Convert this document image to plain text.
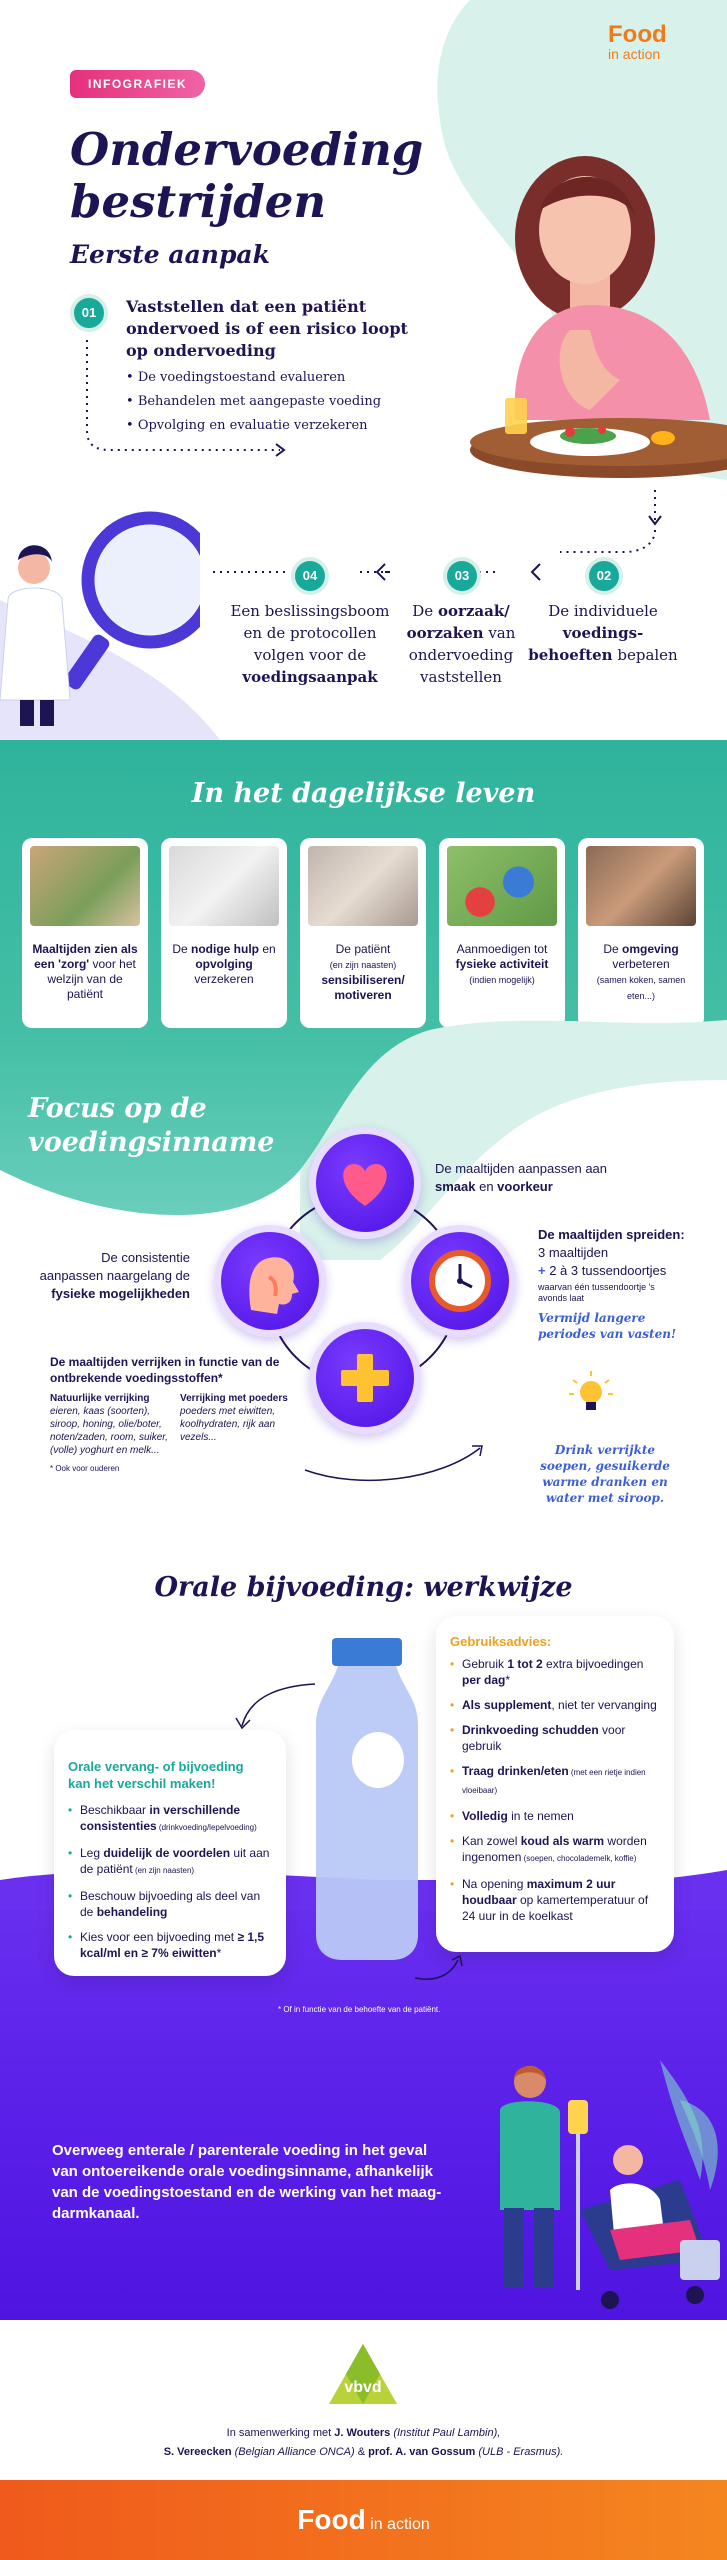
Food
in action
INFOGRAFIEK
Ondervoeding bestrijden
Eerste aanpak
01	Vaststellen dat een patiënt ondervoed is of een risico loopt op ondervoeding
• De voedingstoestand evalueren
• Behandelen met aangepaste voeding
• Opvolging en evaluatie verzekeren
02
De individuele voedings-behoeften bepalen
03
De oorzaak/ oorzaken van ondervoeding vaststellen
04
Een beslissingsboom en de protocollen volgen voor de voedingsaanpak
In het dagelijkse leven
Maaltijden zien als een 'zorg' voor het welzijn van de patiënt
De nodige hulp en opvolging verzekeren
De patiënt
(en zijn naasten)
sensibiliseren/ motiveren
Aanmoedigen tot fysieke activiteit
(indien mogelijk)
De omgeving verbeteren
(samen koken, samen eten...)
Focus op de voedingsinname
De maaltijden aanpassen aan smaak en voorkeur
De consistentie aanpassen naargelang de fysieke mogelijkheden
De maaltijden spreiden:
3 maaltijden
+ 2 à 3 tussendoortjes
waarvan één tussendoortje 's avonds laat
Vermijd langere periodes van vasten!
De maaltijden verrijken in functie van de ontbrekende voedingsstoffen*
Natuurlijke verrijking
eieren, kaas (soorten), siroop, honing, olie/boter, noten/zaden, room, suiker, (volle) yoghurt en melk...
Verrijking met poeders
poeders met eiwitten, koolhydraten, rijk aan vezels...
* Ook voor ouderen
Drink verrijkte soepen, gesuikerde warme dranken en water met siroop.
Orale bijvoeding: werkwijze
Orale vervang- of bijvoeding kan het verschil maken!
• Beschikbaar in verschillende consistenties (drinkvoeding/lepelvoeding)
• Leg duidelijk de voordelen uit aan de patiënt (en zijn naasten)
• Beschouw bijvoeding als deel van de behandeling
• Kies voor een bijvoeding met ≥ 1,5 kcal/ml en ≥ 7% eiwitten*
Gebruiksadvies:
• Gebruik 1 tot 2 extra bijvoedingen per dag*
• Als supplement, niet ter vervanging
• Drinkvoeding schudden voor gebruik
• Traag drinken/eten (met een rietje indien vloeibaar)
• Volledig in te nemen
• Kan zowel koud als warm worden ingenomen (soepen, chocolademelk, koffie)
• Na opening maximum 2 uur houdbaar op kamertemperatuur of 24 uur in de koelkast
* Of in functie van de behoefte van de patiënt.
Overweeg enterale / parenterale voeding in het geval van ontoereikende orale voedingsinname, afhankelijk van de voedingstoestand en de werking van het maag-darmkanaal.
vbvd
In samenwerking met J. Wouters (Institut Paul Lambin),
S. Vereecken (Belgian Alliance ONCA) & prof. A. van Gossum (ULB - Erasmus).
Food in action
